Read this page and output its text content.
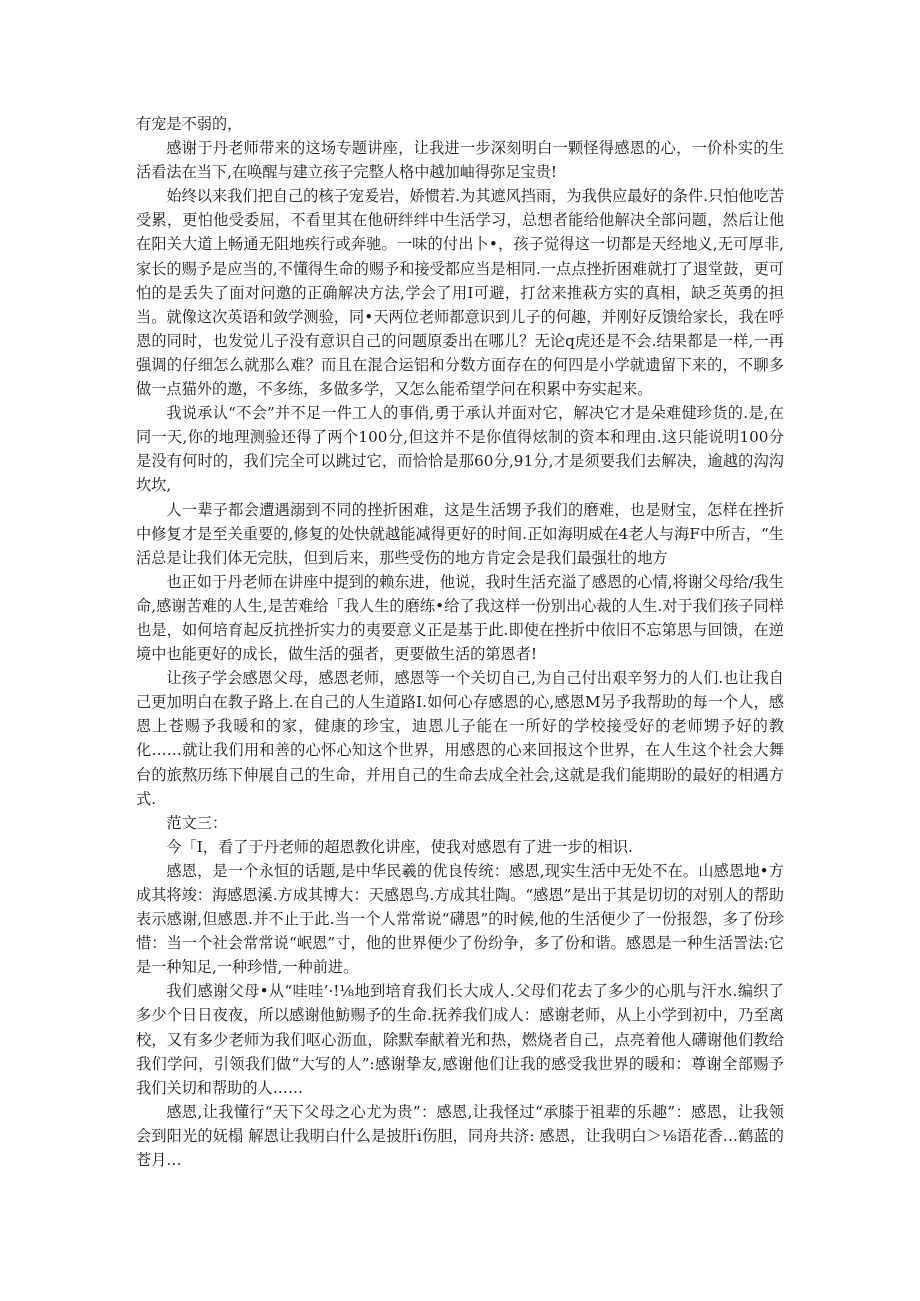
有宠是不弱的，

感谢于丹老师带来的这场专题讲座，让我进一步深刻明白一颗怪得感恩的心，一价朴实的生活看法在当下,在唤醒与建立孩子完整人格中越加岫得弥足宝贵!

始终以来我们把自己的核子宠爰岩，娇惯若.为其遮风挡雨，为我供应最好的条件.只怕他吃苦受累，更怕他受委屈，不看里其在他研绊绊中生活学习，总想者能给他解决全部问题，然后让他在阳关大道上畅通无阻地疾行或奔驰。一味的付出卜•，孩子觉得这一切都是天经地义,无可厚非,家长的赐予是应当的,不懂得生命的赐予和接受都应当是相同.一点点挫折困难就打了退堂鼓，更可怕的是丢失了面对问邀的正确解决方法,学会了用I可避，打岔来推萩方实的真相，缺乏英勇的担当。就像这次英语和敛学测验，同•天两位老师都意识到儿子的何趣，并刚好反馈给家长，我在呼恩的同时，也发觉儿子没有意识自己的问题原委出在哪儿？无论q虎还是不会.结果都是一样,一再强调的仔细怎么就那么难？而且在混合运铝和分数方面存在的何四是小学就遗留下来的，不聊多做一点猫外的邀，不多练，多做多学，又怎么能希望学问在积累中夯实起来。

我说承认“不会”并不足一件工人的事俏,勇于承认并面对它，解决它才是朵难健珍货的.是,在同一天,你的地理测验还得了两个100分,但这并不是你值得炫制的资本和理由.这只能说明100分是没有何时的，我们完全可以跳过它，而恰恰是那60分,91分,才是须要我们去解决，逾越的沟沟坎坎,

人一辈子都会遭遇溺到不同的挫折困难，这是生活甥予我们的磨难，也是财宝，怎样在挫折中修复才是至关重要的,修复的处快就越能减得更好的时间.正如海明威在4老人与海F中所吉，“生活总是让我们体无完肤，但到后来，那些受伤的地方肯定会是我们最强壮的地方

也正如于丹老师在讲座中提到的赖东进，他说，我时生活充溢了感恩的心情,将谢父母给/我生命,感谢苦难的人生,是苦难给「我人生的磨练•给了我这样一份别出心裁的人生.对于我们孩子同样也是，如何培育起反抗挫折实力的夷要意义正是基于此.即使在挫折中依旧不忘第思与回馈，在逆境中也能更好的成长，做生活的强者，更要做生活的第恩者!

让孩子学会感恩父母，感恩老师，感恩等一个关切自己,为自己付出艰辛努力的人们.也让我自己更加明白在教子路上.在自己的人生道路I.如何心存感恩的心,感恩M另予我帮助的每一个人，感恩上苍赐予我暖和的家，健康的珍宝，迪恩儿子能在一所好的学校接受好的老师甥予好的教化……就让我们用和善的心怀心知这个世界，用感恩的心来回报这个世界，在人生这个社会大舞台的旅熬历练下伸展自己的生命，并用自己的生命去成全社会,这就是我们能期盼的最好的相遇方式.

范文三：

今「I，看了于丹老师的超恩教化讲座，使我对感恩有了进一步的相识.

感恩，是一个永恒的话题,是中华民羲的优良传统：感恩,现实生活中无处不在。山感恩地•方成其将竣：海感恩溪.方成其博大：天感恩鸟.方成其壮陶。“感恩”是出于其是切切的对别人的帮助表示感谢,但感恩.并不止于此.当一个人常常说“礴恩”的时候,他的生活便少了一份报怨，多了份珍惜：当一个社会常常说“岷恩”寸，他的世界便少了份纷争，多了份和谐。感恩是一种生活詈法:它是一种知足,一种珍惜,一种前进。

我们感谢父母•从“哇哇’·!⅛地到培育我们长大成人.父母们花去了多少的心肌与汗水.编织了多少个日日夜夜，所以感谢他魴赐予的生命.抚养我们成人：感谢老师，从上小学到初中，乃至离校，又有多少老师为我们呕心沥血，除默奉献着光和热，燃烧者自己，点亮着他人礴谢他们教给我们学问，引领我们做“大写的人”:感谢挚友,感谢他们让我的感受我世界的暖和：尊谢全部赐予我们关切和帮助的人……

感恩,让我懂行“天下父母之心尤为贵”：感恩,让我怪过“承膝于祖辈的乐趣”：感恩，让我领会到阳光的妩榻 解恩让我明白什么是披肝i伤胆，同舟共济: 感恩，让我明白＞⅛语花香…鹤蓝的苍月…
